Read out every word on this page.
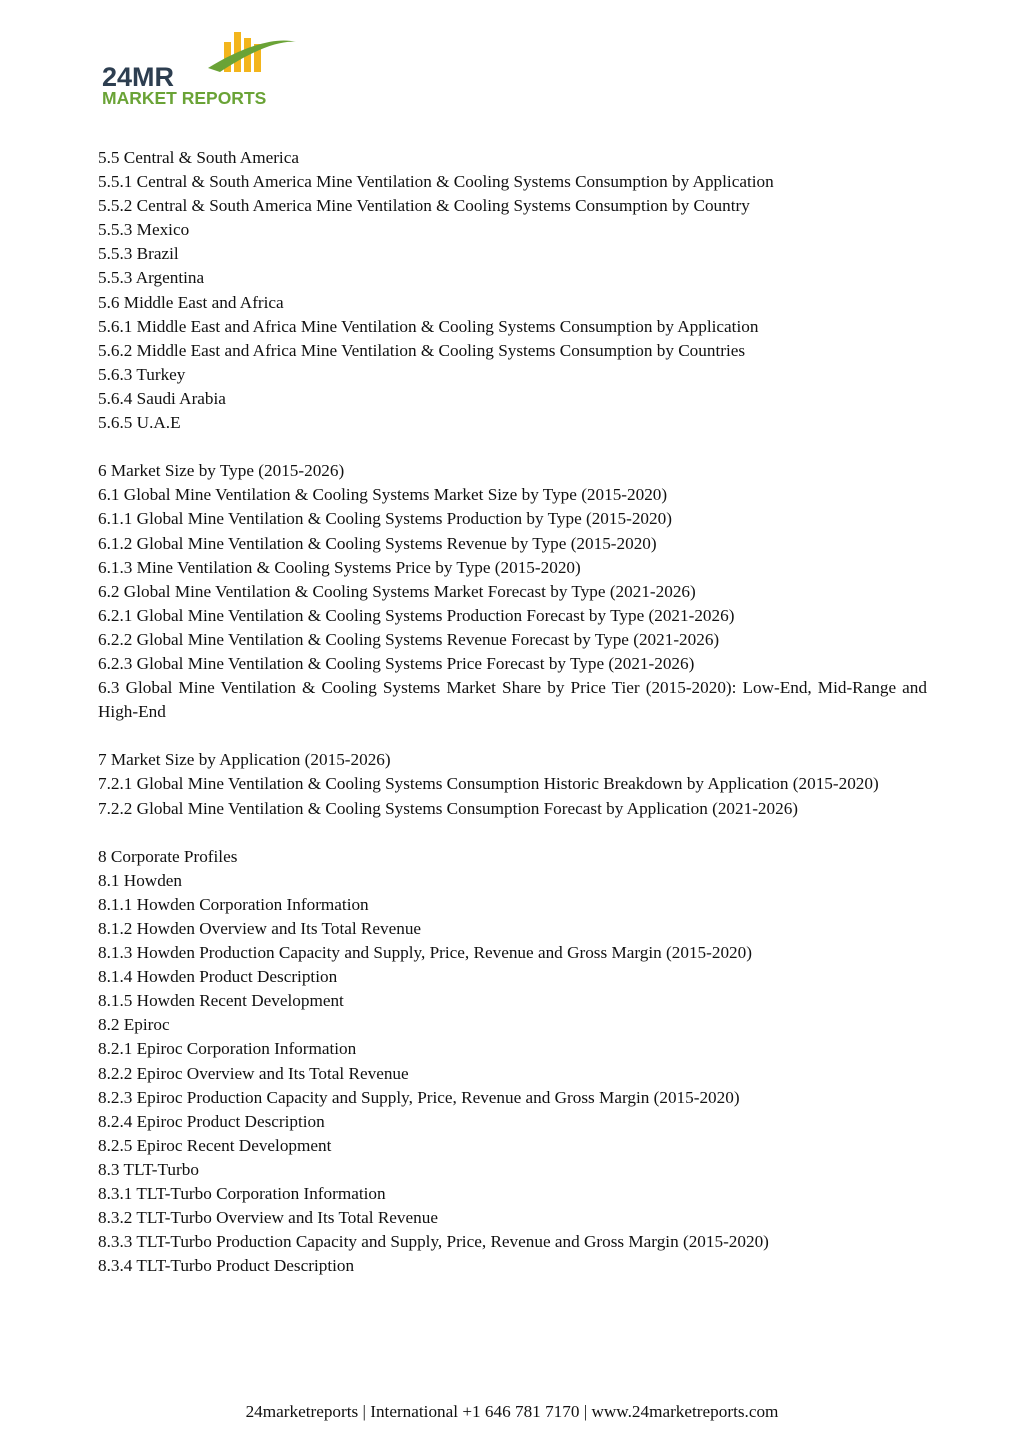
24MR
MARKET REPORTS
5.5 Central & South America
5.5.1 Central & South America Mine Ventilation & Cooling Systems Consumption by Application
5.5.2 Central & South America Mine Ventilation & Cooling Systems Consumption by Country
5.5.3 Mexico
5.5.3 Brazil
5.5.3 Argentina
5.6 Middle East and Africa
5.6.1 Middle East and Africa Mine Ventilation & Cooling Systems Consumption by Application
5.6.2 Middle East and Africa Mine Ventilation & Cooling Systems Consumption by Countries
5.6.3 Turkey
5.6.4 Saudi Arabia
5.6.5 U.A.E
6 Market Size by Type (2015-2026)
6.1 Global Mine Ventilation & Cooling Systems Market Size by Type (2015-2020)
6.1.1 Global Mine Ventilation & Cooling Systems Production by Type (2015-2020)
6.1.2 Global Mine Ventilation & Cooling Systems Revenue by Type (2015-2020)
6.1.3 Mine Ventilation & Cooling Systems Price by Type (2015-2020)
6.2 Global Mine Ventilation & Cooling Systems Market Forecast by Type (2021-2026)
6.2.1 Global Mine Ventilation & Cooling Systems Production Forecast by Type (2021-2026)
6.2.2 Global Mine Ventilation & Cooling Systems Revenue Forecast by Type (2021-2026)
6.2.3 Global Mine Ventilation & Cooling Systems Price Forecast by Type (2021-2026)
6.3 Global Mine Ventilation & Cooling Systems Market Share by Price Tier (2015-2020): Low-End, Mid-Range and High-End
7 Market Size by Application (2015-2026)
7.2.1 Global Mine Ventilation & Cooling Systems Consumption Historic Breakdown by Application (2015-2020)
7.2.2 Global Mine Ventilation & Cooling Systems Consumption Forecast by Application (2021-2026)
8 Corporate Profiles
8.1 Howden
8.1.1 Howden Corporation Information
8.1.2 Howden Overview and Its Total Revenue
8.1.3 Howden Production Capacity and Supply, Price, Revenue and Gross Margin (2015-2020)
8.1.4 Howden Product Description
8.1.5 Howden Recent Development
8.2 Epiroc
8.2.1 Epiroc Corporation Information
8.2.2 Epiroc Overview and Its Total Revenue
8.2.3 Epiroc Production Capacity and Supply, Price, Revenue and Gross Margin (2015-2020)
8.2.4 Epiroc Product Description
8.2.5 Epiroc Recent Development
8.3 TLT-Turbo
8.3.1 TLT-Turbo Corporation Information
8.3.2 TLT-Turbo Overview and Its Total Revenue
8.3.3 TLT-Turbo Production Capacity and Supply, Price, Revenue and Gross Margin (2015-2020)
8.3.4 TLT-Turbo Product Description
24marketreports | International +1 646 781 7170 | www.24marketreports.com
